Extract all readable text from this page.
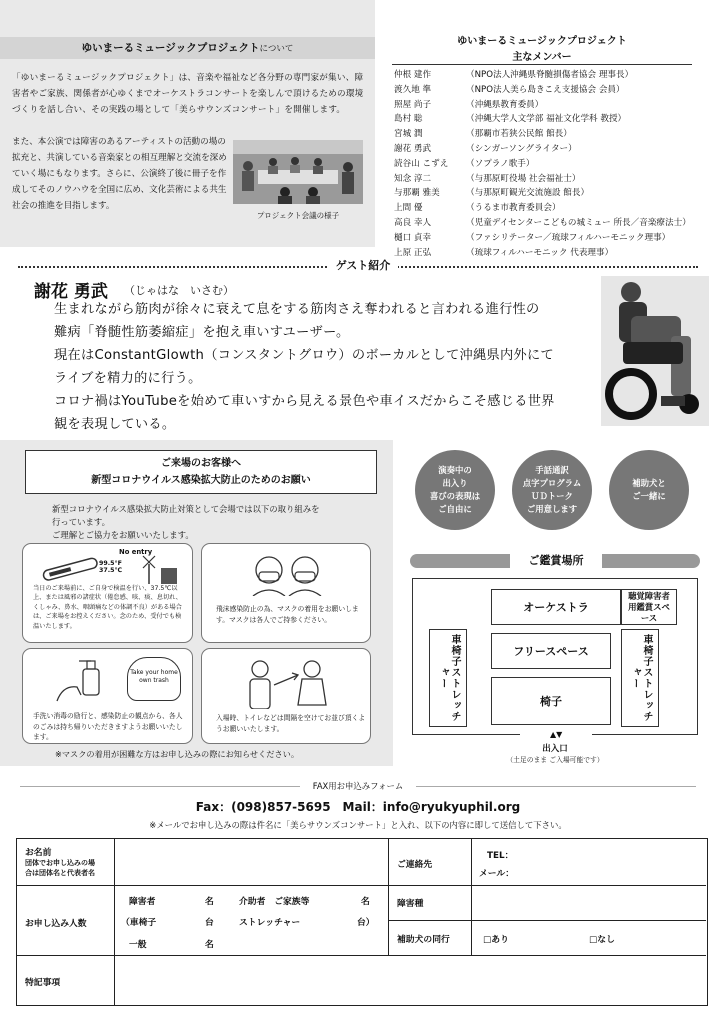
ゆいまーるミュージックプロジェクトについて

「ゆいまーるミュージックプロジェクト」は、音楽や福祉など各分野の専門家が集い、障害者やご家族、関係者が心ゆくまでオーケストラコンサートを楽しんで頂けるための環境づくりを話し合い、その実践の場として「美らサウンズコンサート」を開催します。

また、本公演では障害のあるアーティストの活動の場の拡充と、共演している音楽家との相互理解と交流を深めていく場にもなります。さらに、公演終了後に冊子を作成してそのノウハウを全国に広め、文化芸術による共生社会の推進を目指します。

プロジェクト会議の様子
ゆいまーるミュージックプロジェクト
主なメンバー
仲根 建作	（NPO法人沖縄県脊髄損傷者協会 理事長）
渡久地 準	（NPO法人美ら島きこえ支援協会 会員）
照屋 尚子	（沖縄県教育委員）
島村 聡	（沖縄大学人文学部 福祉文化学科 教授）
宮城 潤	（那覇市若狭公民館 館長）
謝花 勇武	（シンガーソングライター）
読谷山 こずえ	（ソプラノ歌手）
知念 淳二	（与那原町役場 社会福祉士）
与那覇 雅美	（与那原町観光交流施設 館長）
上間 優	（うるま市教育委員会）
高良 幸人	（児童デイセンターこどもの城ミュー 所長／音楽療法士）
樋口 貞幸	（ファシリテーター／琉球フィルハーモニック理事）
上原 正弘	（琉球フィルハーモニック 代表理事）
ゲスト紹介
謝花 勇武 （じゃはな　いさむ）
生まれながら筋肉が徐々に衰えて息をする筋肉さえ奪われると言われる進行性の
難病「脊髄性筋萎縮症」を抱え車いすユーザー。
現在はConstantGlowth（コンスタントグロウ）のボーカルとして沖縄県内外にて
ライブを精力的に行う。
コロナ禍はYouTubeを始めて車いすから見える景色や車イスだからこそ感じる世界
観を表現している。
ご来場のお客様へ
新型コロナウイルス感染拡大防止のためのお願い
新型コロナウイルス感染拡大防止対策として会場では以下の取り組みを
行っています。
ご理解とご協力をお願いいたします。
No entry
99.5°F
37.5℃
当日のご来場前に、ご自身で検温を行い、37.5℃以上、または風邪の諸症状（倦怠感、咳、痰、息切れ、くしゃみ、鼻水、咽頭痛などの体調不良）がある場合は、ご来場をお控えください。念のため、受付でも検温いたします。
飛沫感染防止の為、マスクの着用をお願いします。マスクは各人でご持参ください。
Take your home own trash
手洗い消毒の励行と、感染防止の観点から、各人のごみは持ち帰りいただきますようお願いいたします。
入場時、トイレなどは間隔を空けてお並び頂くようお願いいたします。
※マスクの着用が困難な方はお申し込みの際にお知らせください。
演奏中の
出入り
喜びの表現は
ご自由に
手話通訳
点字プログラム
ＵＤトーク
ご用意します
補助犬と
ご一緒に
ご鑑賞場所
オーケストラ
聴覚障害者用鑑賞スペース
フリースペース
椅子
車椅子ストレッチャー	車椅子ストレッチャー
▲▼
出入口
（土足のまま ご入場可能です）
FAX用お申込みフォーム
Fax：(098)857-5695　Mail：info@ryukyuphil.org
※メールでお申し込みの際は件名に「美らサウンズコンサート」と入れ、以下の内容に即して送信して下さい。
お名前
団体でお申し込みの場
合は団体名と代表者名
ご連絡先
TEL：
メール：
お申し込み人数
障害者	名	介助者　ご家族等	名
（車椅子	台	ストレッチャー	台）
一般	名
障害種
補助犬の同行	□あり	□なし
特記事項
